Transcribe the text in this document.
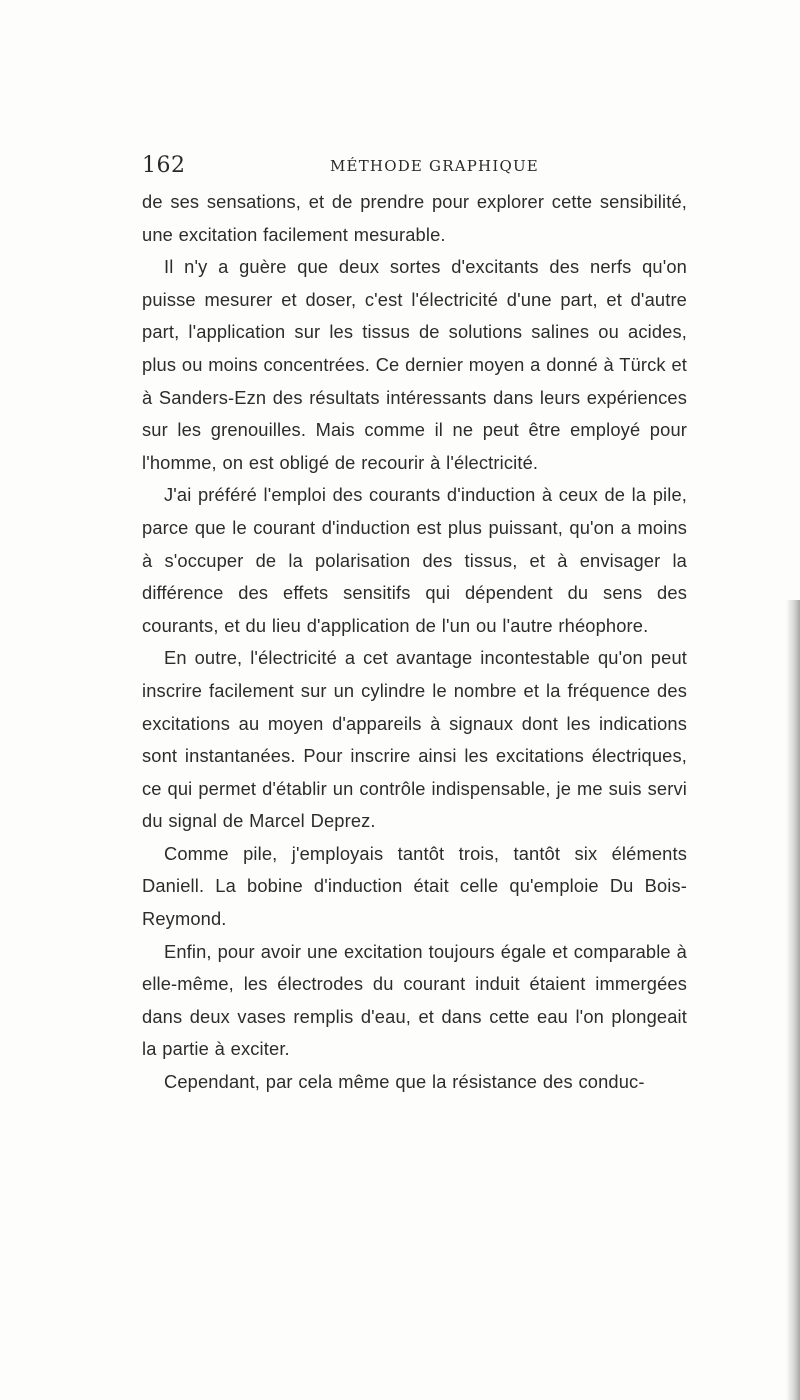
162	MÉTHODE GRAPHIQUE

de ses sensations, et de prendre pour explorer cette sensibilité, une excitation facilement mesurable.

Il n'y a guère que deux sortes d'excitants des nerfs qu'on puisse mesurer et doser, c'est l'électricité d'une part, et d'autre part, l'application sur les tissus de solutions salines ou acides, plus ou moins concentrées. Ce dernier moyen a donné à Türck et à Sanders-Ezn des résultats intéressants dans leurs expériences sur les grenouilles. Mais comme il ne peut être employé pour l'homme, on est obligé de recourir à l'électricité.

J'ai préféré l'emploi des courants d'induction à ceux de la pile, parce que le courant d'induction est plus puissant, qu'on a moins à s'occuper de la polarisation des tissus, et à envisager la différence des effets sensitifs qui dépendent du sens des courants, et du lieu d'application de l'un ou l'autre rhéophore.

En outre, l'électricité a cet avantage incontestable qu'on peut inscrire facilement sur un cylindre le nombre et la fréquence des excitations au moyen d'appareils à signaux dont les indications sont instantanées. Pour inscrire ainsi les excitations électriques, ce qui permet d'établir un contrôle indispensable, je me suis servi du signal de Marcel Deprez.

Comme pile, j'employais tantôt trois, tantôt six éléments Daniell. La bobine d'induction était celle qu'emploie Du Bois-Reymond.

Enfin, pour avoir une excitation toujours égale et comparable à elle-même, les électrodes du courant induit étaient immergées dans deux vases remplis d'eau, et dans cette eau l'on plongeait la partie à exciter.

Cependant, par cela même que la résistance des conduc-
